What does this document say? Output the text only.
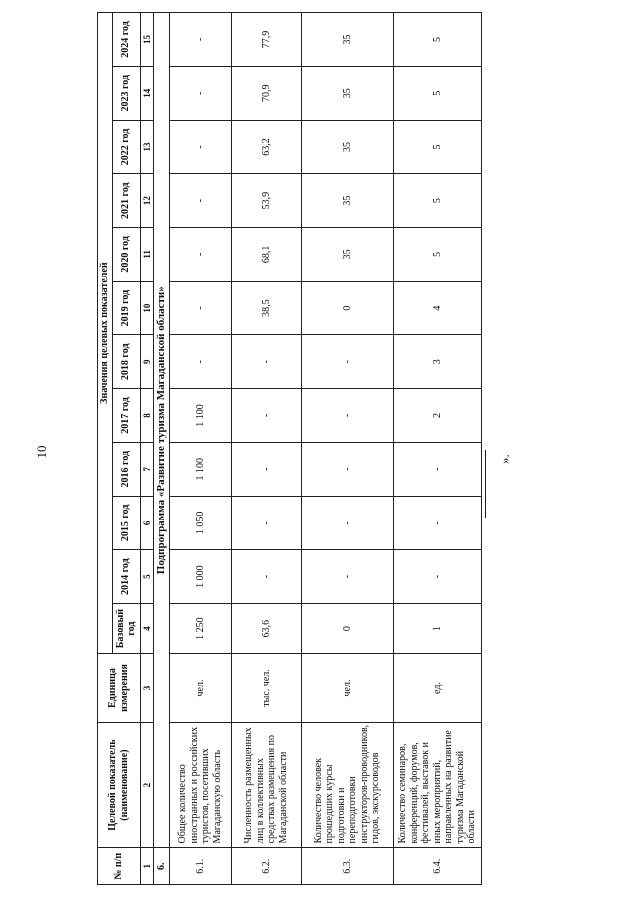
10
№ п/п	Целевой показатель (наименование)	Единица измерения	Значения целевых показателей											
			Базовый год	2014 год	2015 год	2016 год	2017 год	2018 год	2019 год	2020 год	2021 год	2022 год	2023 год	2024 год
1	2	3	4	5	6	7	8	9	10	11	12	13	14	15
6.	Подпрограмма «Развитие туризма Магаданской области»													
6.1.	Общее количество иностранных и российских туристов, посетивших Магаданскую область	чел.	1 250	1 000	1 050	1 100	1 100	-	-	-	-	-	-	-
6.2.	Численность размещенных лиц в коллективных средствах размещения по Магаданской области	тыс. чел.	63,6	-	-	-	-	-	38,5	68,1	53,9	63,2	70,9	77,9
6.3.	Количество человек прошедших курсы подготовки и переподготовки инструкторов-проводников, гидов, экскурсоводов	чел.	0	-	-	-	-	-	0	35	35	35	35	35
6.4.	Количество семинаров, конференций, форумов, фестивалей, выставок и иных мероприятий, направленных на развитие туризма Магаданской области	ед.	1	-	-	-	2	3	4	5	5	5	5	5
».
